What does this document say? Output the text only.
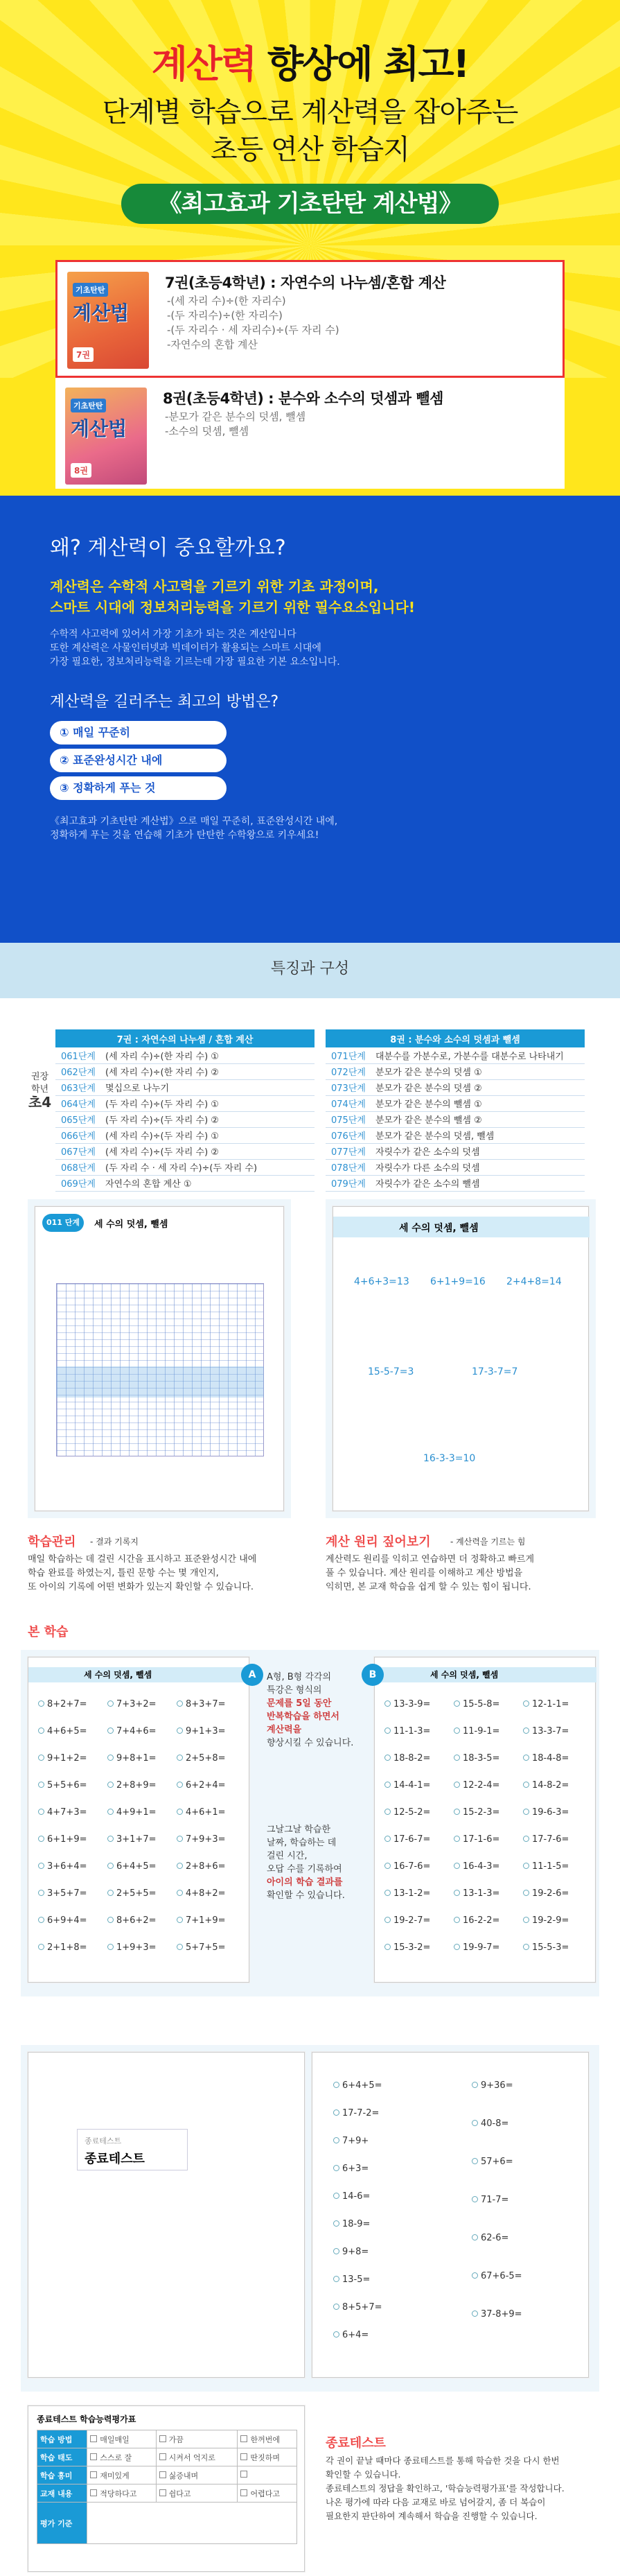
계산력 향상에 최고!
단계별 학습으로 계산력을 잡아주는
초등 연산 학습지
《최고효과 기초탄탄 계산법》
기초탄탄
계산법
7권
7권(초등4학년) : 자연수의 나누셈/혼합 계산
-(세 자리 수)÷(한 자리수)
-(두 자리수)÷(한 자리수)
-(두 자리수 · 세 자리수)÷(두 자리 수)
-자연수의 혼합 계산
기초탄탄
계산법
8권
8권(초등4학년) : 분수와 소수의 덧셈과 뺄셈
-분모가 같은 분수의 덧셈, 뺄셈
-소수의 덧셈, 뺄셈
왜? 계산력이 중요할까요?
계산력은 수학적 사고력을 기르기 위한 기초 과정이며,
스마트 시대에 정보처리능력을 기르기 위한 필수요소입니다!
수학적 사고력에 있어서 가장 기초가 되는 것은 계산입니다
또한 계산력은 사물인터넷과 빅데이터가 활용되는 스마트 시대에
가장 필요한, 정보처리능력을 기르는데 가장 필요한 기본 요소입니다.
계산력을 길러주는 최고의 방법은?
① 매일 꾸준히
② 표준완성시간 내에
③ 정확하게 푸는 것
《최고효과 기초탄탄 계산법》으로 매일 꾸준히, 표준완성시간 내에,
정확하게 푸는 것을 연습해 기초가 탄탄한 수학왕으로 키우세요!
특징과 구성
권장 학년
초4
7권 : 자연수의 나누셈 / 혼합 계산	
061단계	(세 자리 수)÷(한 자리 수) ①
062단계	(세 자리 수)÷(한 자리 수) ②
063단계	몇십으로 나누기
064단계	(두 자리 수)÷(두 자리 수) ①
065단계	(두 자리 수)÷(두 자리 수) ②
066단계	(세 자리 수)÷(두 자리 수) ①
067단계	(세 자리 수)÷(두 자리 수) ②
068단계	(두 자리 수 · 세 자리 수)÷(두 자리 수)
069단계	자연수의 혼합 계산 ①

8권 : 분수와 소수의 덧셈과 뺄셈	
071단계	대분수를 가분수로, 가분수를 대분수로 나타내기
072단계	분모가 같은 분수의 덧셈 ①
073단계	분모가 같은 분수의 덧셈 ②
074단계	분모가 같은 분수의 뺄셈 ①
075단계	분모가 같은 분수의 뺄셈 ②
076단계	분모가 같은 분수의 덧셈, 뺄셈
077단계	자릿수가 같은 소수의 덧셈
078단계	자릿수가 다른 소수의 덧셈
079단계	자릿수가 같은 소수의 뺄셈

011 단계	세 수의 덧셈, 뺄셈	세 수의 덧셈, 뺄셈
4+6+3=13 6+1+9=16 2+4+8=14
15-5-7=3	17-3-7=7
16-3-3=10
학습관리 - 결과 기록지
매일 학습하는 데 걸린 시간을 표시하고 표준완성시간 내에
학습 완료를 하였는지, 틀린 문항 수는 몇 개인지,
또 아이의 기록에 어떤 변화가 있는지 확인할 수 있습니다.
계산 원리 짚어보기 - 계산력을 기르는 힘
계산력도 원리를 익히고 연습하면 더 정확하고 빠르게
풀 수 있습니다. 계산 원리를 이해하고 계산 방법을
익히면, 본 교재 학습을 쉽게 할 수 있는 힘이 됩니다.
본 학습
세 수의 덧셈, 뺄셈
8+2+7=
4+6+5=
9+1+2=
5+5+6=
4+7+3=
6+1+9=
3+6+4=
3+5+7=
6+9+4=
2+1+8=
7+3+2=
7+4+6=
9+8+1=
2+8+9=
4+9+1=
3+1+7=
6+4+5=
2+5+5=
8+6+2=
1+9+3=
8+3+7=
9+1+3=
2+5+8=
6+2+4=
4+6+1=
7+9+3=
2+8+6=
4+8+2=
7+1+9=
5+7+5=
A	A형, B형 각각의
특강은 형식의
문제를 5일 동안
반복학습을 하면서
계산력을
향상시킬 수 있습니다.
그날그날 학습한
날짜, 학습하는 데
걸린 시간,
오답 수를 기록하여
아이의 학습 결과를
확인할 수 있습니다.
세 수의 덧셈, 뺄셈
13-3-9=
11-1-3=
18-8-2=
14-4-1=
12-5-2=
17-6-7=
16-7-6=
13-1-2=
19-2-7=
15-3-2=
15-5-8=
11-9-1=
18-3-5=
12-2-4=
15-2-3=
17-1-6=
16-4-3=
13-1-3=
16-2-2=
19-9-7=
12-1-1=
13-3-7=
18-4-8=
14-8-2=
19-6-3=
17-7-6=
11-1-5=
19-2-6=
19-2-9=
15-5-3=
B
종료테스트
종료테스트
6+4+5=
17-7-2=
7+9+
6+3=
14-6=
18-9=
9+8=
13-5=
8+5+7=
6+4=
9+36=
40-8=
57+6=
71-7=
62-6=
67+6-5=
37-8+9=
종료테스트 학습능력평가표
학습 방법	매일매일	가끔	한꺼번에
학습 태도	스스로 잘	시켜서 억지로	딴짓하며
학습 흥미	재미있게	싫증내며	
교재 내용	적당하다고	쉽다고	어렵다고
평가 기준			
종료테스트
각 권이 끝날 때마다 종료테스트를 통해 학습한 것을 다시 한번
확인할 수 있습니다.
종료테스트의 정답을 확인하고, '학습능력평가표'를 작성합니다.
나온 평가에 따라 다음 교재로 바로 넘어갈지, 좀 더 복습이
필요한지 판단하여 계속해서 학습을 진행할 수 있습니다.
